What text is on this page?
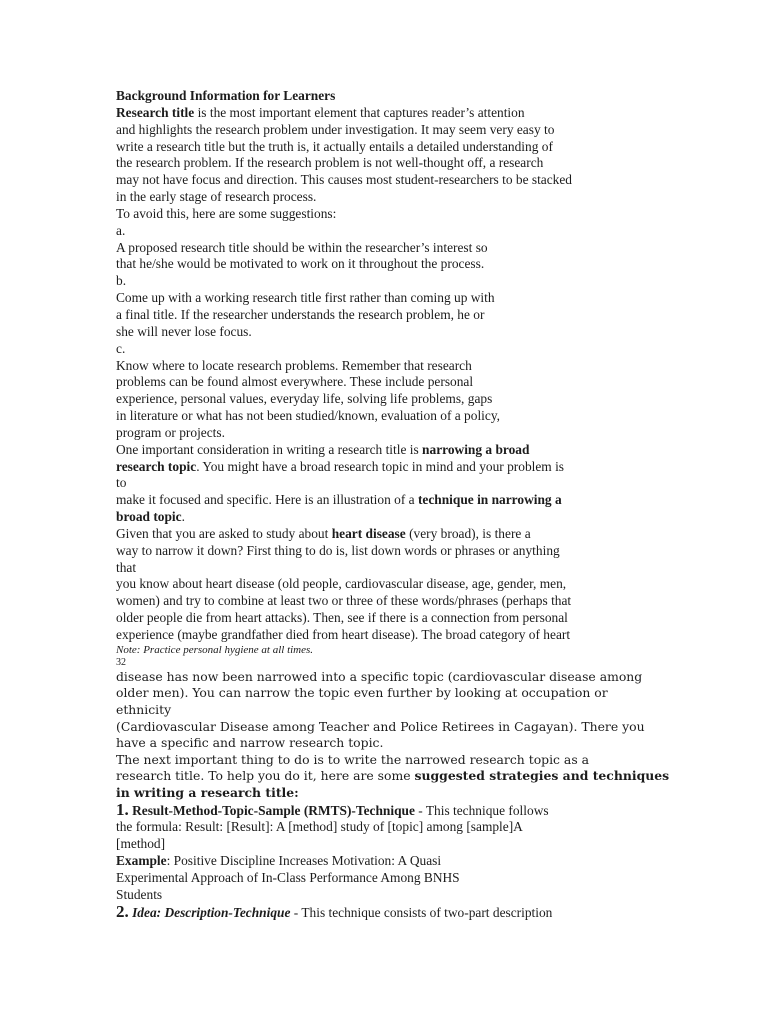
Background Information for Learners
Research title is the most important element that captures reader’s attention
and highlights the research problem under investigation. It may seem very easy to
write a research title but the truth is, it actually entails a detailed understanding of
the research problem. If the research problem is not well-thought off, a research
may not have focus and direction. This causes most student-researchers to be stacked
in the early stage of research process.
To avoid this, here are some suggestions:
a.
A proposed research title should be within the researcher’s interest so
that he/she would be motivated to work on it throughout the process.
b.
Come up with a working research title first rather than coming up with
a final title. If the researcher understands the research problem, he or
she will never lose focus.
c.
Know where to locate research problems. Remember that research
problems can be found almost everywhere. These include personal
experience, personal values, everyday life, solving life problems, gaps
in literature or what has not been studied/known, evaluation of a policy,
program or projects.
One important consideration in writing a research title is narrowing a broad
research topic. You might have a broad research topic in mind and your problem is
to
make it focused and specific. Here is an illustration of a technique in narrowing a
broad topic.
Given that you are asked to study about heart disease (very broad), is there a
way to narrow it down? First thing to do is, list down words or phrases or anything
that
you know about heart disease (old people, cardiovascular disease, age, gender, men,
women) and try to combine at least two or three of these words/phrases (perhaps that
older people die from heart attacks). Then, see if there is a connection from personal
experience (maybe grandfather died from heart disease). The broad category of heart
Note: Practice personal hygiene at all times.
32
disease has now been narrowed into a specific topic (cardiovascular disease among
older men). You can narrow the topic even further by looking at occupation or
ethnicity
(Cardiovascular Disease among Teacher and Police Retirees in Cagayan). There you
have a specific and narrow research topic.
The next important thing to do is to write the narrowed research topic as a
research title. To help you do it, here are some suggested strategies and techniques
in writing a research title:
1. Result-Method-Topic-Sample (RMTS)-Technique - This technique follows
the formula: Result: [Result]: A [method] study of [topic] among [sample]A
[method]
Example: Positive Discipline Increases Motivation: A Quasi
Experimental Approach of In-Class Performance Among BNHS
Students
2. Idea: Description-Technique - This technique consists of two-part description
